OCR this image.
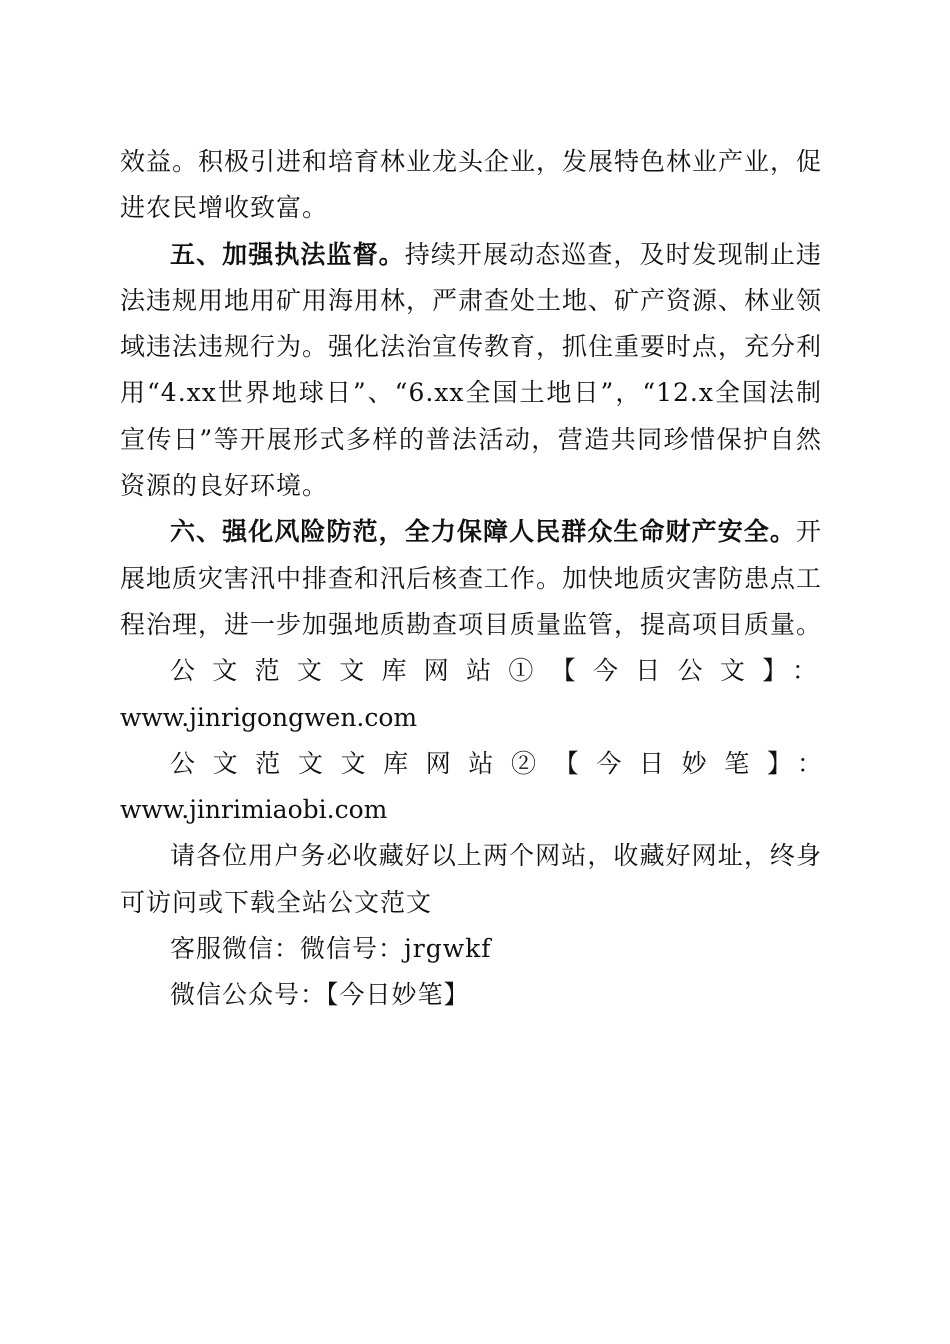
效益。积极引进和培育林业龙头企业，发展特色林业产业，促进农民增收致富。

五、加强执法监督。持续开展动态巡查，及时发现制止违法违规用地用矿用海用林，严肃查处土地、矿产资源、林业领域违法违规行为。强化法治宣传教育，抓住重要时点，充分利用“4.xx世界地球日”、“6.xx全国土地日”，“12.x全国法制宣传日”等开展形式多样的普法活动，营造共同珍惜保护自然资源的良好环境。

六、强化风险防范，全力保障人民群众生命财产安全。开展地质灾害汛中排查和汛后核查工作。加快地质灾害防患点工程治理，进一步加强地质勘查项目质量监管，提高项目质量。

公文范文文库网站①【今日公文】：

www.jinrigongwen.com

公文范文文库网站②【今日妙笔】：www.jinrimiaobi.com

请各位用户务必收藏好以上两个网站，收藏好网址，终身可访问或下载全站公文范文

客服微信：微信号：jrgwkf

微信公众号：【今日妙笔】
